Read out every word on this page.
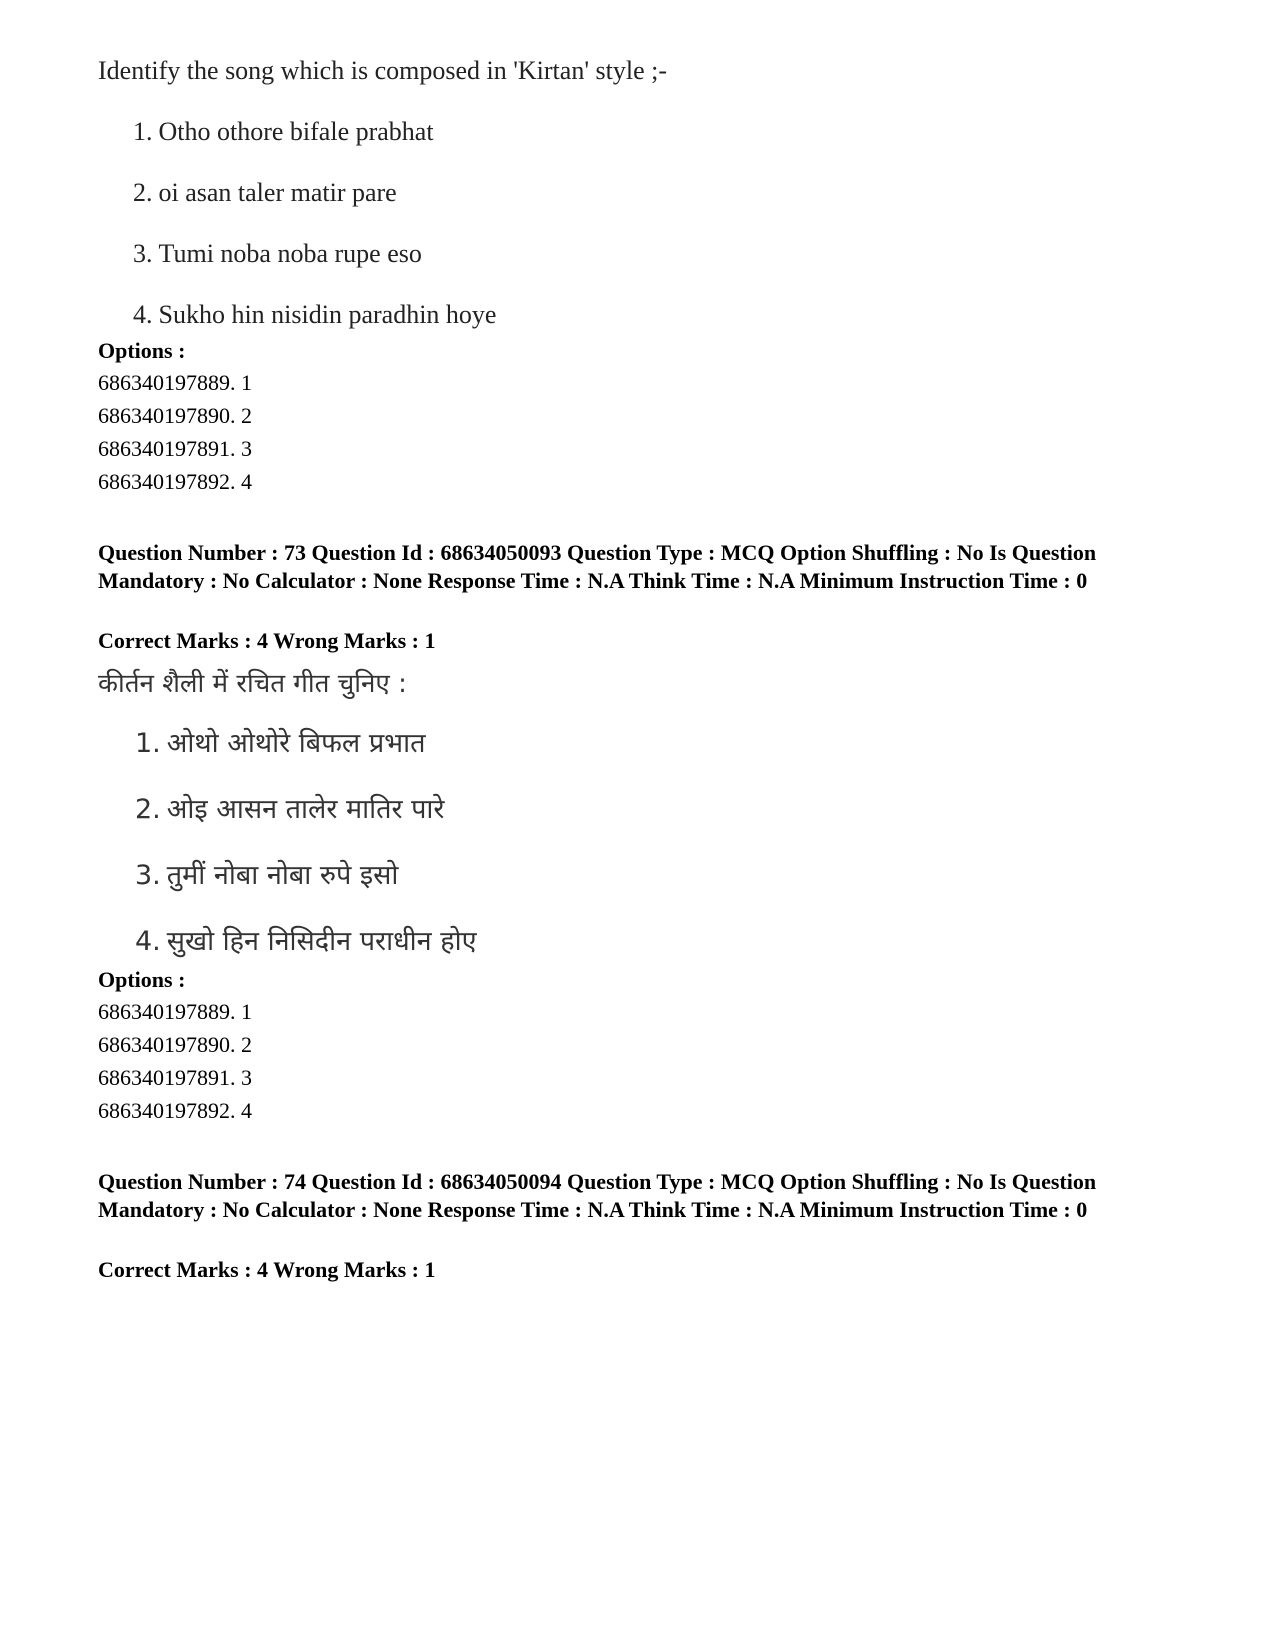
Identify the song which is composed in 'Kirtan' style ;-
1. Otho othore bifale prabhat
2. oi asan taler matir pare
3. Tumi noba noba rupe eso
4. Sukho hin nisidin paradhin hoye
Options :
686340197889. 1
686340197890. 2
686340197891. 3
686340197892. 4
Question Number : 73 Question Id : 68634050093 Question Type : MCQ Option Shuffling : No Is Question Mandatory : No Calculator : None Response Time : N.A Think Time : N.A Minimum Instruction Time : 0
Correct Marks : 4 Wrong Marks : 1
कीर्तन शैली में रचित गीत चुनिए :
1. ओथो ओथोरे बिफल प्रभात
2. ओइ आसन तालेर मातिर पारे
3. तुमीं नोबा नोबा रुपे इसो
4. सुखो हिन निसिदीन पराधीन होए
Options :
686340197889. 1
686340197890. 2
686340197891. 3
686340197892. 4
Question Number : 74 Question Id : 68634050094 Question Type : MCQ Option Shuffling : No Is Question Mandatory : No Calculator : None Response Time : N.A Think Time : N.A Minimum Instruction Time : 0
Correct Marks : 4 Wrong Marks : 1
